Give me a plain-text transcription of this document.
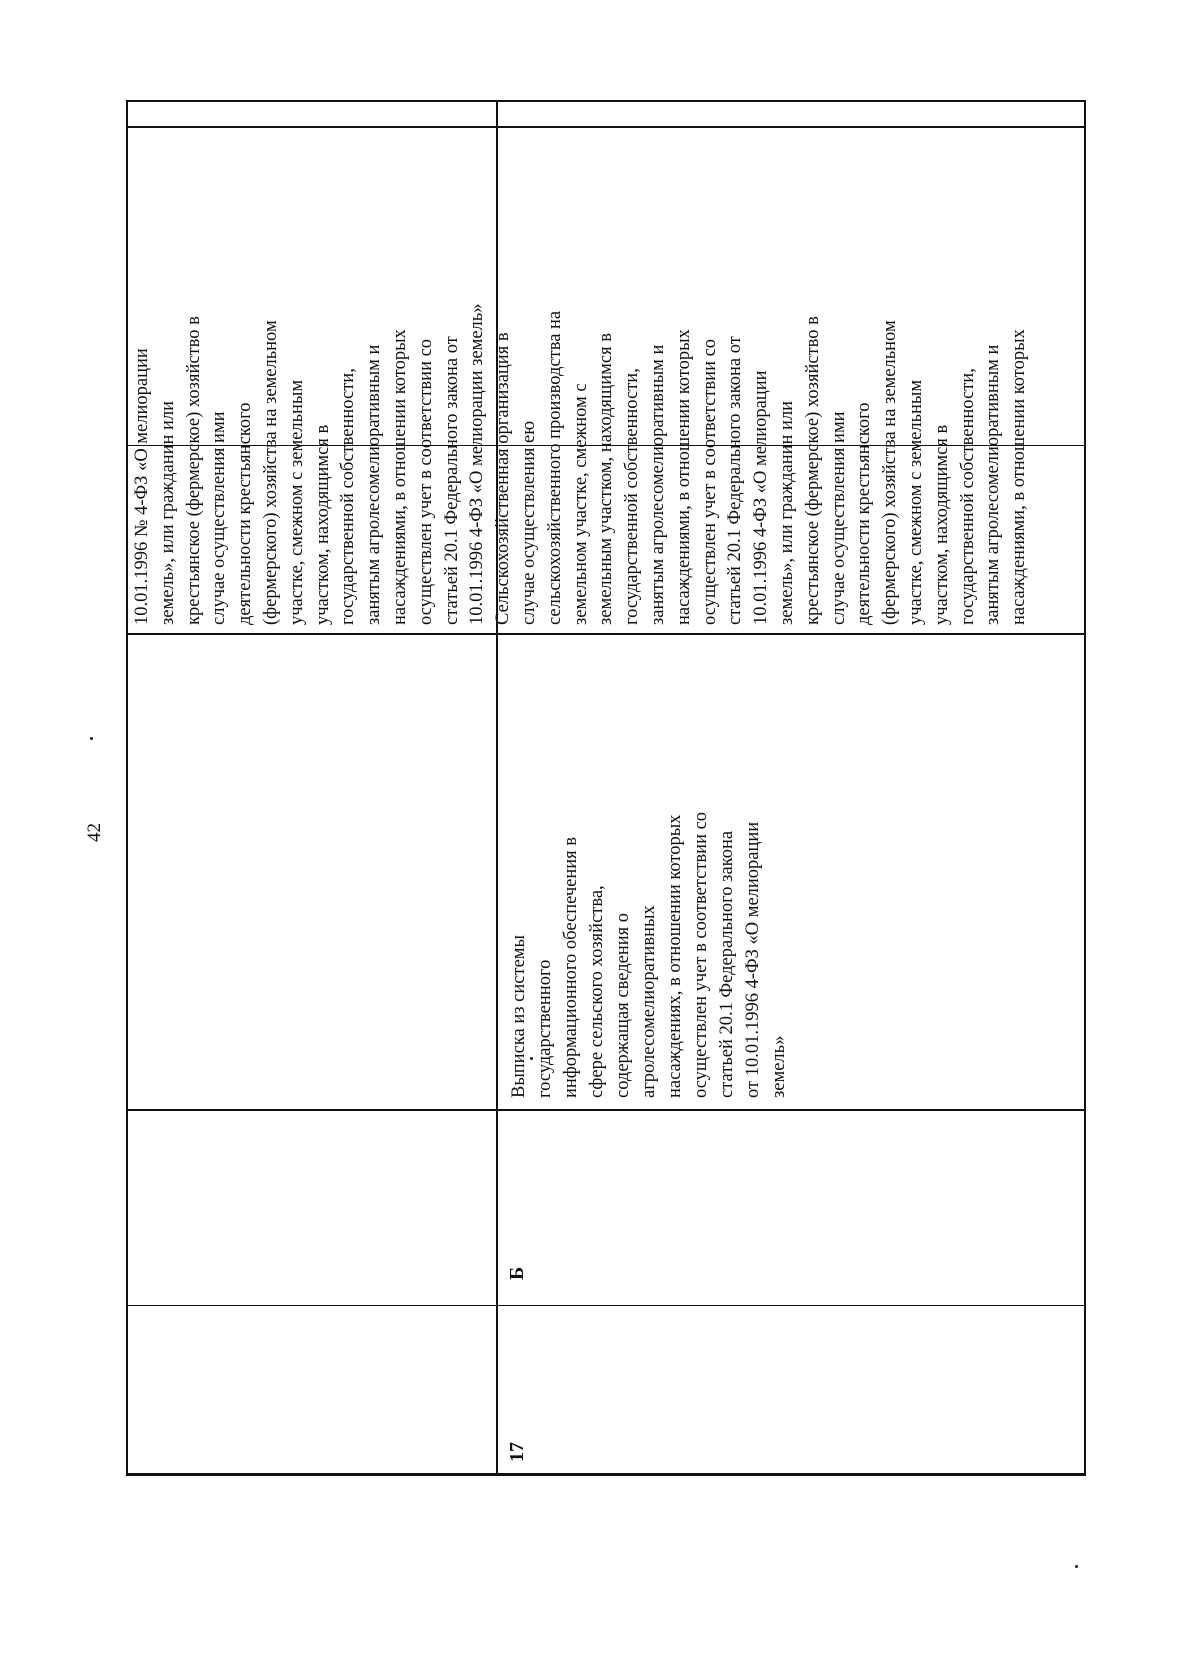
42
17
Б
Выписка из системы
государственного
информационного обеспечения в
сфере сельского хозяйства,
содержащая сведения о
агролесомелиоративных
насаждениях, в отношении которых
осуществлен учет в соответствии со
статьей 20.1 Федерального закона
от 10.01.1996 4-ФЗ «О мелиорации
земель»
10.01.1996 № 4-ФЗ «О мелиорации
земель», или гражданин или
крестьянское (фермерское) хозяйство в
случае осуществления ими
деятельности крестьянского
(фермерского) хозяйства на земельном
участке, смежном с земельным
участком, находящимся в
государственной собственности,
занятым агролесомелиоративным и
насаждениями, в отношении которых
осуществлен учет в соответствии со
статьей 20.1 Федерального закона от
10.01.1996 4-ФЗ «О мелиорации земель»
Сельскохозяйственная организация в
случае осуществления ею
сельскохозяйственного производства на
земельном участке, смежном с
земельным участком, находящимся в
государственной собственности,
занятым агролесомелиоративным и
насаждениями, в отношении которых
осуществлен учет в соответствии со
статьей 20.1 Федерального закона от
10.01.1996 4-ФЗ «О мелиорации
земель», или гражданин или
крестьянское (фермерское) хозяйство в
случае осуществления ими
деятельности крестьянского
(фермерского) хозяйства на земельном
участке, смежном с земельным
участком, находящимся в
государственной собственности,
занятым агролесомелиоративным и
насаждениями, в отношении которых
